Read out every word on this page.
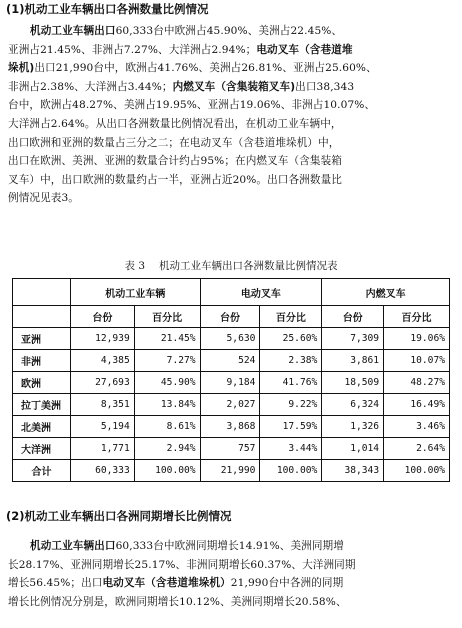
(1)机动工业车辆出口各洲数量比例情况
机动工业车辆出口60,333台中欧洲占45.90%、美洲占22.45%、
亚洲占21.45%、非洲占7.27%、大洋洲占2.94%；电动叉车（含巷道堆
垛机)出口21,990台中，欧洲占41.76%、美洲占26.81%、亚洲占25.60%、
非洲占2.38%、大洋洲占3.44%；内燃叉车（含集装箱叉车)出口38,343
台中，欧洲占48.27%、美洲占19.95%、亚洲占19.06%、非洲占10.07%、
大洋洲占2.64%。从出口各洲数量比例情况看出，在机动工业车辆中，
出口欧洲和亚洲的数量占三分之二；在电动叉车（含巷道堆垛机）中，
出口在欧洲、美洲、亚洲的数量合计约占95%；在内燃叉车（含集装箱
叉车）中，出口欧洲的数量约占一半，亚洲占近20%。出口各洲数量比
例情况见表3。
表 3 机动工业车辆出口各洲数量比例情况表
	机动工业车辆		电动叉车		内燃叉车	
	台份	百分比	台份	百分比	台份	百分比
亚洲	12,939	21.45%	5,630	25.60%	7,309	19.06%
非洲	4,385	7.27%	524	2.38%	3,861	10.07%
欧洲	27,693	45.90%	9,184	41.76%	18,509	48.27%
拉丁美洲	8,351	13.84%	2,027	9.22%	6,324	16.49%
北美洲	5,194	8.61%	3,868	17.59%	1,326	3.46%
大洋洲	1,771	2.94%	757	3.44%	1,014	2.64%
合计	60,333	100.00%	21,990	100.00%	38,343	100.00%
(2)机动工业车辆出口各洲同期增长比例情况
机动工业车辆出口60,333台中欧洲同期增长14.91%、美洲同期增
长28.17%、亚洲同期增长25.17%、非洲同期增长60.37%、大洋洲同期
增长56.45%；出口电动叉车（含巷道堆垛机）21,990台中各洲的同期
增长比例情况分别是，欧洲同期增长10.12%、美洲同期增长20.58%、
